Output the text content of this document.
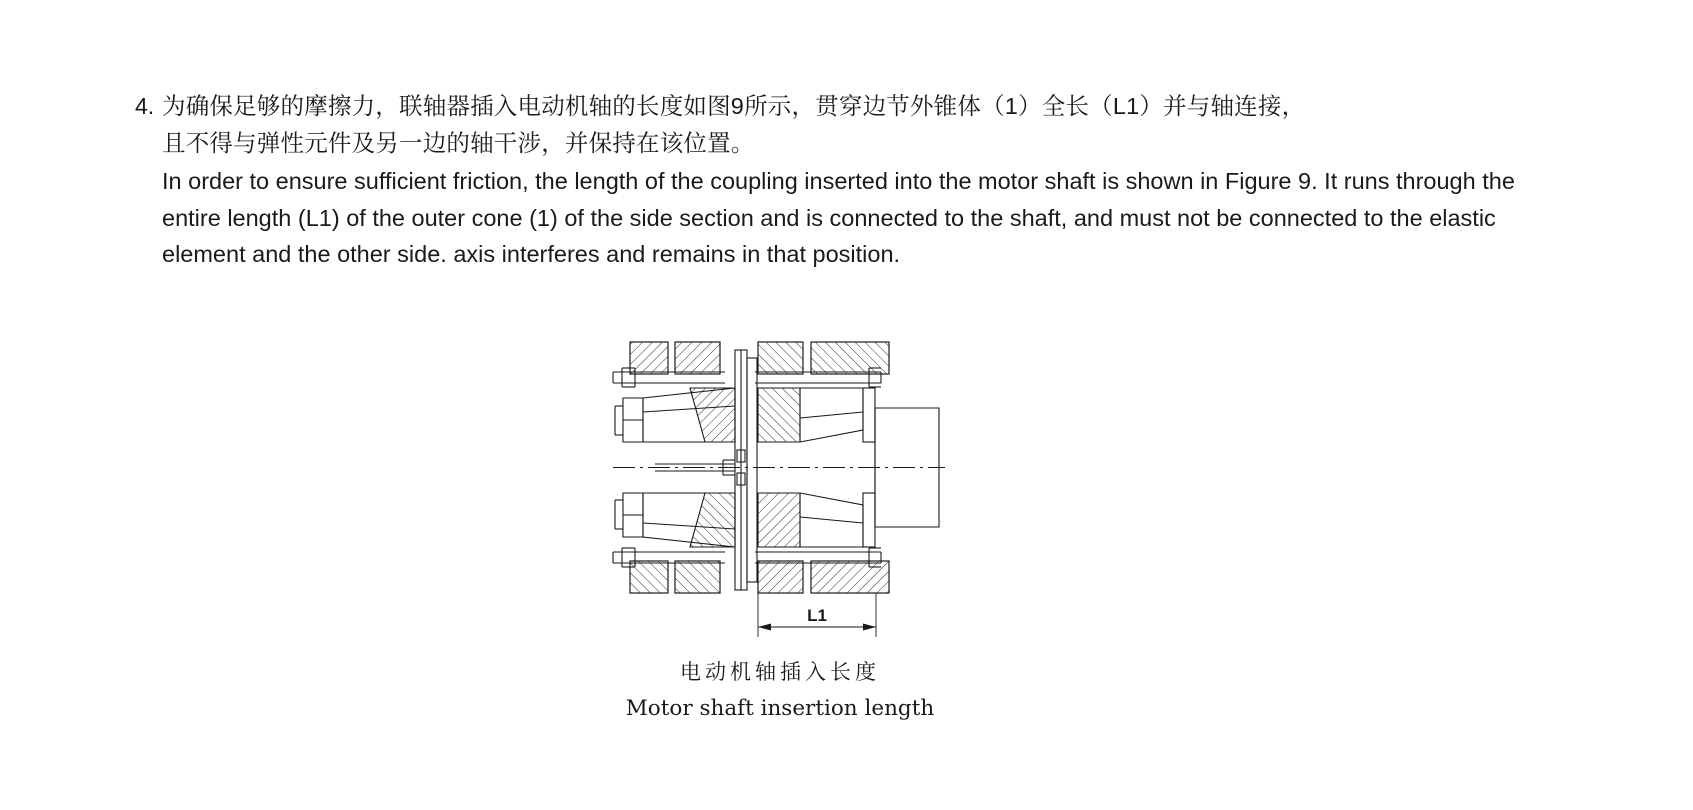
4. 为确保足够的摩擦力，联轴器插入电动机轴的长度如图9所示，贯穿边节外锥体（1）全长（L1）并与轴连接，
且不得与弹性元件及另一边的轴干涉，并保持在该位置。
In order to ensure sufficient friction, the length of the coupling inserted into the motor shaft is shown in Figure 9. It runs through the entire length (L1) of the outer cone (1) of the side section and is connected to the shaft, and must not be connected to the elastic element and the other side. axis interferes and remains in that position.
L1
电动机轴插入长度
Motor shaft insertion length
